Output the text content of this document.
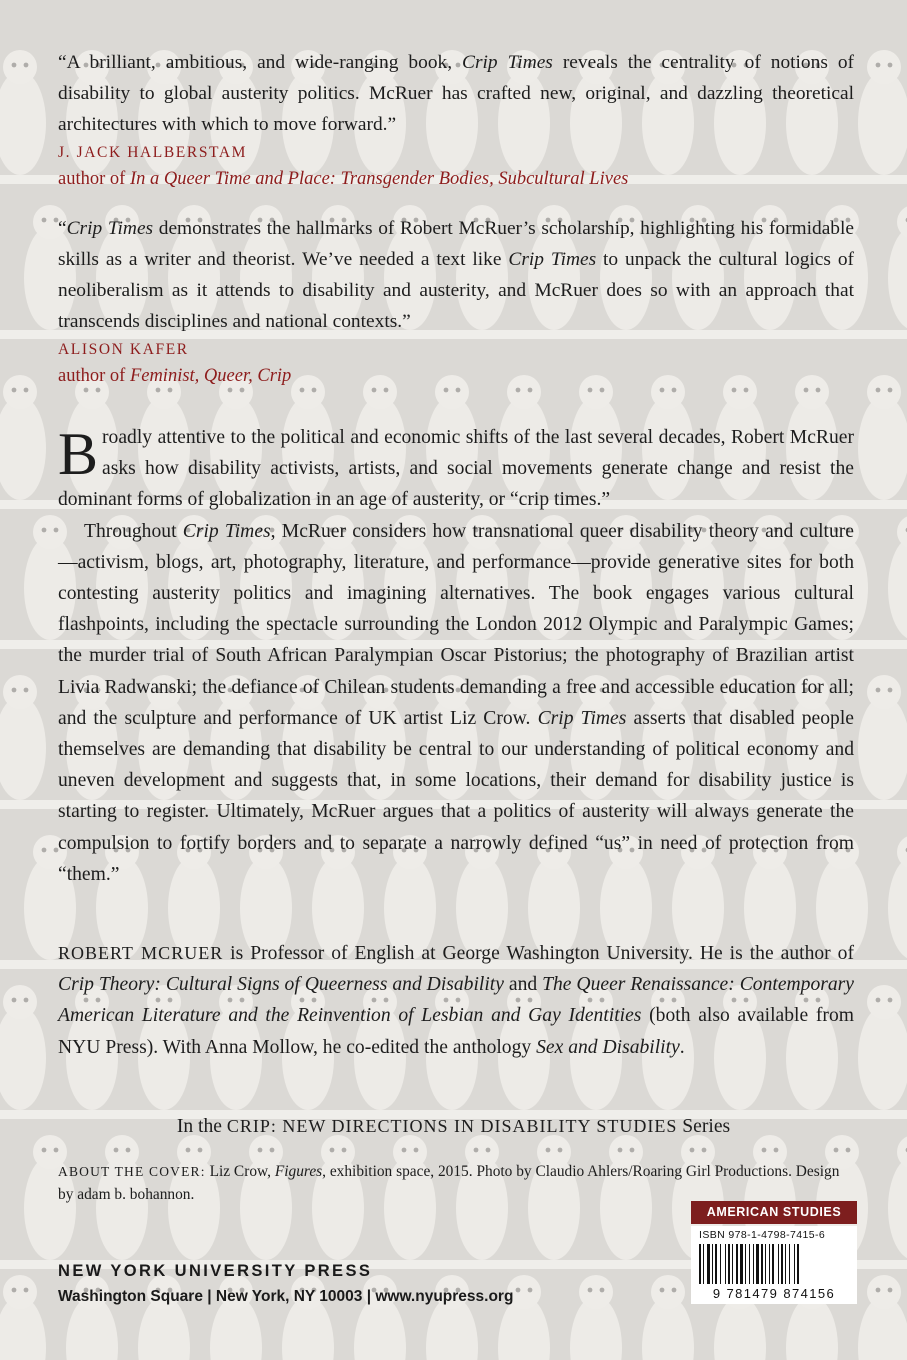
“A brilliant, ambitious, and wide-ranging book, Crip Times reveals the centrality of notions of disability to global austerity politics. McRuer has crafted new, original, and dazzling theoretical architectures with which to move forward.”

J. JACK HALBERSTAM

author of In a Queer Time and Place: Transgender Bodies, Subcultural Lives

“Crip Times demonstrates the hallmarks of Robert McRuer’s scholarship, highlighting his formidable skills as a writer and theorist. We’ve needed a text like Crip Times to unpack the cultural logics of neoliberalism as it attends to disability and austerity, and McRuer does so with an approach that transcends disciplines and national contexts.”

ALISON KAFER

author of Feminist, Queer, Crip

Broadly attentive to the political and economic shifts of the last several decades, Robert McRuer asks how disability activists, artists, and social movements generate change and resist the dominant forms of globalization in an age of austerity, or “crip times.”

Throughout Crip Times, McRuer considers how transnational queer disability theory and culture—activism, blogs, art, photography, literature, and performance—provide generative sites for both contesting austerity politics and imagining alternatives. The book engages various cultural flashpoints, including the spectacle surrounding the London 2012 Olympic and Paralympic Games; the murder trial of South African Paralympian Oscar Pistorius; the photography of Brazilian artist Livia Radwanski; the defiance of Chilean students demanding a free and accessible education for all; and the sculpture and performance of UK artist Liz Crow. Crip Times asserts that disabled people themselves are demanding that disability be central to our understanding of political economy and uneven development and suggests that, in some locations, their demand for disability justice is starting to register. Ultimately, McRuer argues that a politics of austerity will always generate the compulsion to fortify borders and to separate a narrowly defined “us” in need of protection from “them.”

ROBERT MCRUER is Professor of English at George Washington University. He is the author of Crip Theory: Cultural Signs of Queerness and Disability and The Queer Renaissance: Contemporary American Literature and the Reinvention of Lesbian and Gay Identities (both also available from NYU Press). With Anna Mollow, he co-edited the anthology Sex and Disability.

In the CRIP: NEW DIRECTIONS IN DISABILITY STUDIES Series

ABOUT THE COVER: Liz Crow, Figures, exhibition space, 2015. Photo by Claudio Ahlers/Roaring Girl Productions. Design by adam b. bohannon.

NEW YORK UNIVERSITY PRESS

Washington Square | New York, NY 10003 | www.nyupress.org

AMERICAN STUDIES

ISBN 978-1-4798-7415-6

9 781479 874156
